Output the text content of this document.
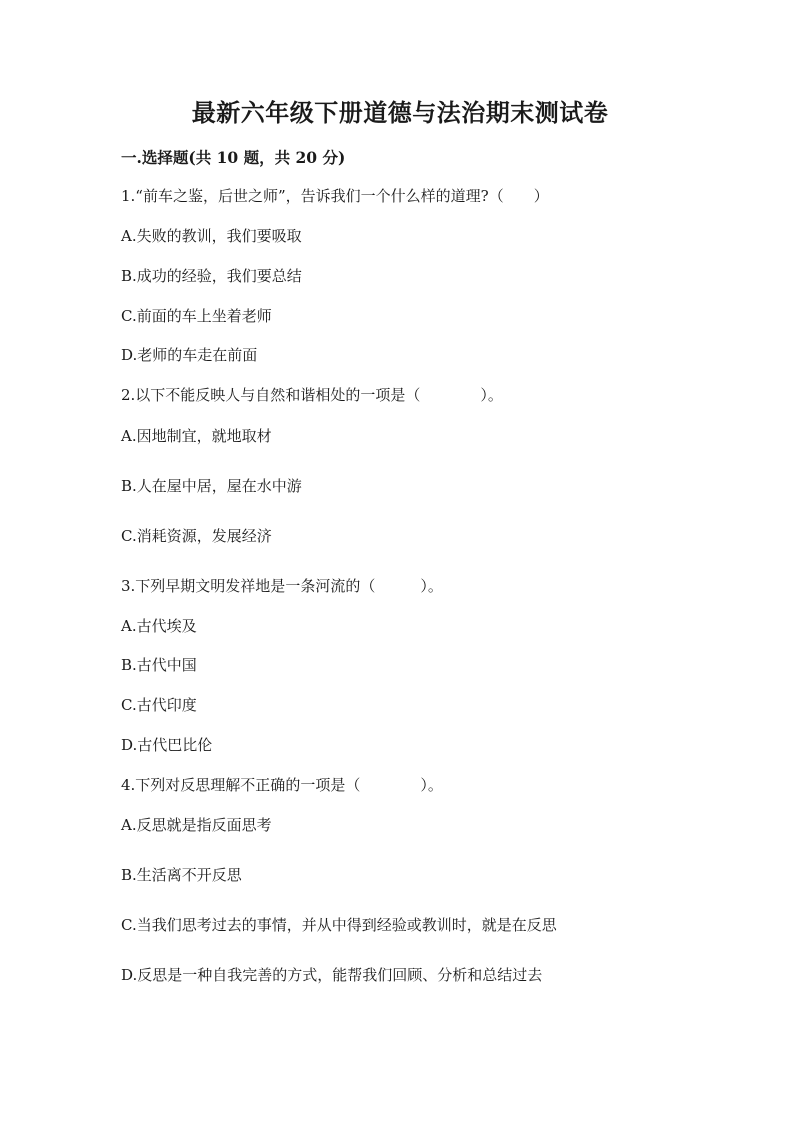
最新六年级下册道德与法治期末测试卷
一.选择题(共 10 题，共 20 分)
1.“前车之鉴，后世之师”，告诉我们一个什么样的道理?（　　）
A.失败的教训，我们要吸取
B.成功的经验，我们要总结
C.前面的车上坐着老师
D.老师的车走在前面
2.以下不能反映人与自然和谐相处的一项是（　　　　）。
A.因地制宜，就地取材
B.人在屋中居，屋在水中游
C.消耗资源，发展经济
3.下列早期文明发祥地是一条河流的（　　　）。
A.古代埃及
B.古代中国
C.古代印度
D.古代巴比伦
4.下列对反思理解不正确的一项是（　　　　）。
A.反思就是指反面思考
B.生活离不开反思
C.当我们思考过去的事情，并从中得到经验或教训时，就是在反思
D.反思是一种自我完善的方式，能帮我们回顾、分析和总结过去
